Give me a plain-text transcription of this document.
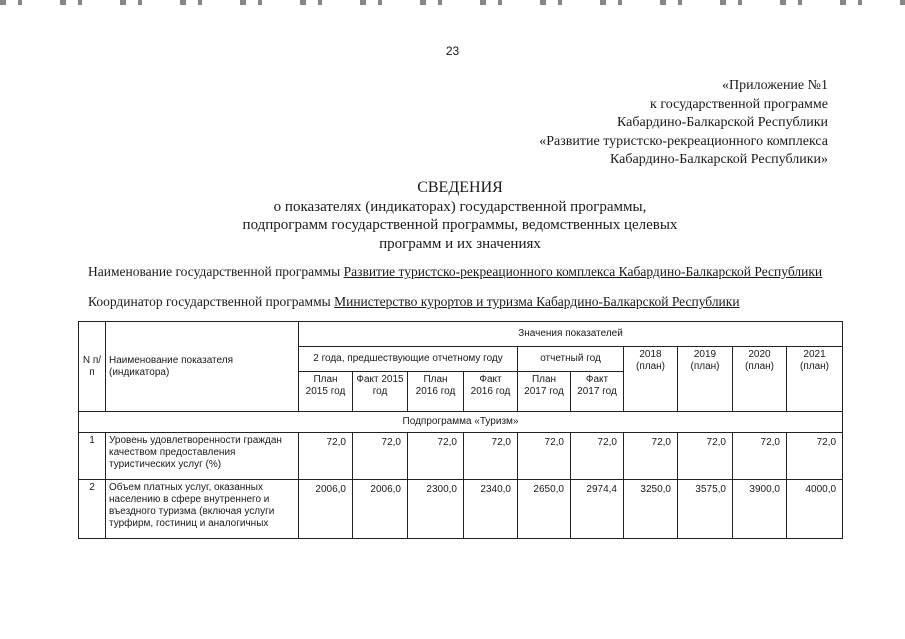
23
«Приложение №1
к государственной программе
Кабардино-Балкарской Республики
«Развитие туристско-рекреационного комплекса
Кабардино-Балкарской Республики»
СВЕДЕНИЯ
о показателях (индикаторах) государственной программы,
подпрограмм государственной программы, ведомственных целевых
программ и их значениях
Наименование государственной программы Развитие туристско-рекреационного комплекса Кабардино-Балкарской Республики
Координатор государственной программы Министерство курортов и туризма Кабардино-Балкарской Республики
N п/п	Наименование показателя (индикатора)	Значения показателей									
		2 года, предшествующие отчетному году				отчетный год		2018 (план)	2019 (план)	2020 (план)	2021 (план)
		План 2015 год	Факт 2015 год	План 2016 год	Факт 2016 год	План 2017 год	Факт 2017 год				
Подпрограмма «Туризм»											
1	Уровень удовлетворенности граждан качеством предоставления туристических услуг (%)	72,0	72,0	72,0	72,0	72,0	72,0	72,0	72,0	72,0	72,0
2	Объем платных услуг, оказанных населению в сфере внутреннего и въездного туризма (включая услуги турфирм, гостиниц и аналогичных	2006,0	2006,0	2300,0	2340,0	2650,0	2974,4	3250,0	3575,0	3900,0	4000,0
